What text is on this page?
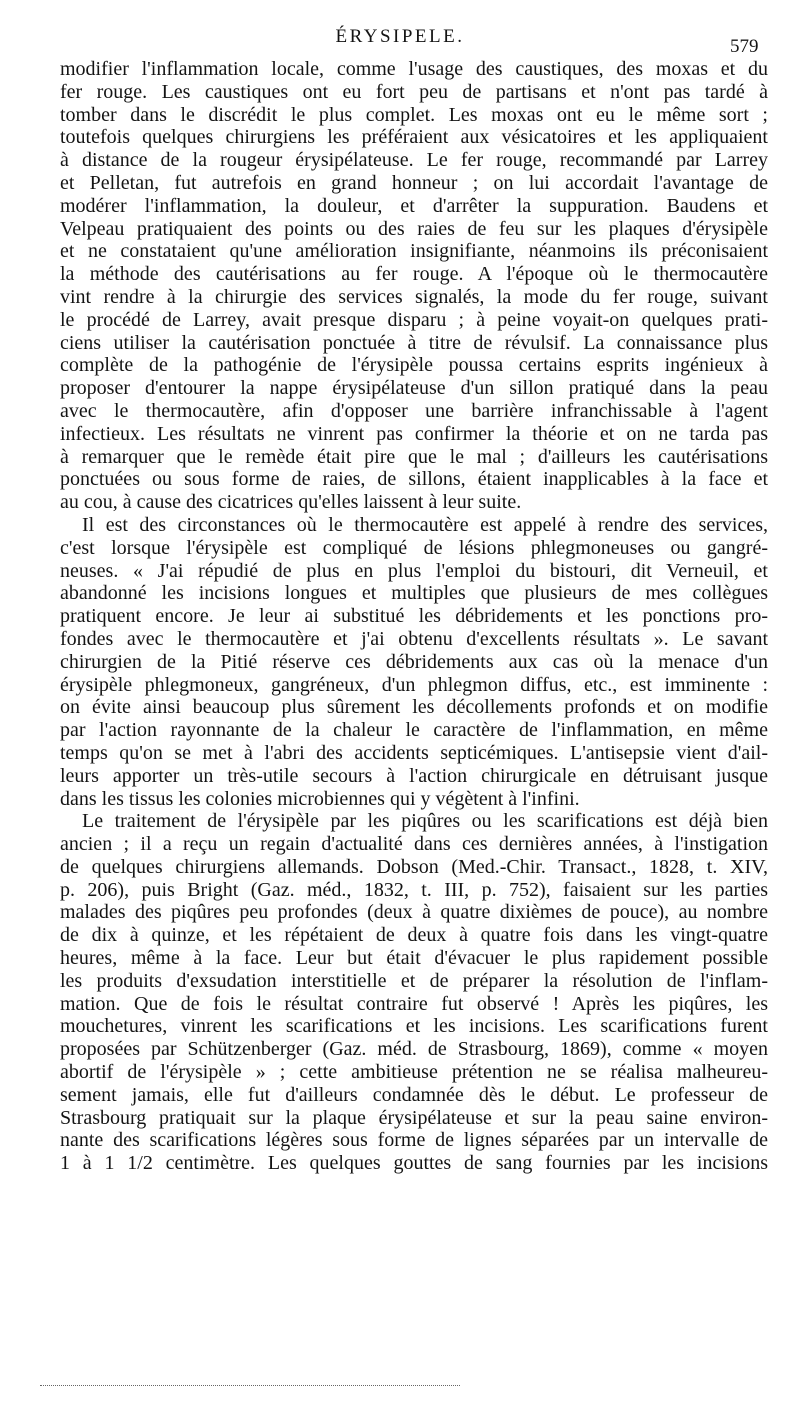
ÉRYSIPELE.	579
modifier l'inflammation locale, comme l'usage des caustiques, des moxas et du
fer rouge. Les caustiques ont eu fort peu de partisans et n'ont pas tardé à
tomber dans le discrédit le plus complet. Les moxas ont eu le même sort ;
toutefois quelques chirurgiens les préféraient aux vésicatoires et les appliquaient
à distance de la rougeur érysipélateuse. Le fer rouge, recommandé par Larrey
et Pelletan, fut autrefois en grand honneur ; on lui accordait l'avantage de
modérer l'inflammation, la douleur, et d'arrêter la suppuration. Baudens et
Velpeau pratiquaient des points ou des raies de feu sur les plaques d'érysipèle
et ne constataient qu'une amélioration insignifiante, néanmoins ils préconisaient
la méthode des cautérisations au fer rouge. A l'époque où le thermocautère
vint rendre à la chirurgie des services signalés, la mode du fer rouge, suivant
le procédé de Larrey, avait presque disparu ; à peine voyait-on quelques prati-
ciens utiliser la cautérisation ponctuée à titre de révulsif. La connaissance plus
complète de la pathogénie de l'érysipèle poussa certains esprits ingénieux à
proposer d'entourer la nappe érysipélateuse d'un sillon pratiqué dans la peau
avec le thermocautère, afin d'opposer une barrière infranchissable à l'agent
infectieux. Les résultats ne vinrent pas confirmer la théorie et on ne tarda pas
à remarquer que le remède était pire que le mal ; d'ailleurs les cautérisations
ponctuées ou sous forme de raies, de sillons, étaient inapplicables à la face et
au cou, à cause des cicatrices qu'elles laissent à leur suite.
Il est des circonstances où le thermocautère est appelé à rendre des services,
c'est lorsque l'érysipèle est compliqué de lésions phlegmoneuses ou gangré-
neuses. « J'ai répudié de plus en plus l'emploi du bistouri, dit Verneuil, et
abandonné les incisions longues et multiples que plusieurs de mes collègues
pratiquent encore. Je leur ai substitué les débridements et les ponctions pro-
fondes avec le thermocautère et j'ai obtenu d'excellents résultats ». Le savant
chirurgien de la Pitié réserve ces débridements aux cas où la menace d'un
érysipèle phlegmoneux, gangréneux, d'un phlegmon diffus, etc., est imminente :
on évite ainsi beaucoup plus sûrement les décollements profonds et on modifie
par l'action rayonnante de la chaleur le caractère de l'inflammation, en même
temps qu'on se met à l'abri des accidents septicémiques. L'antisepsie vient d'ail-
leurs apporter un très-utile secours à l'action chirurgicale en détruisant jusque
dans les tissus les colonies microbiennes qui y végètent à l'infini.
Le traitement de l'érysipèle par les piqûres ou les scarifications est déjà bien
ancien ; il a reçu un regain d'actualité dans ces dernières années, à l'instigation
de quelques chirurgiens allemands. Dobson (Med.-Chir. Transact., 1828, t. XIV,
p. 206), puis Bright (Gaz. méd., 1832, t. III, p. 752), faisaient sur les parties
malades des piqûres peu profondes (deux à quatre dixièmes de pouce), au nombre
de dix à quinze, et les répétaient de deux à quatre fois dans les vingt-quatre
heures, même à la face. Leur but était d'évacuer le plus rapidement possible
les produits d'exsudation interstitielle et de préparer la résolution de l'inflam-
mation. Que de fois le résultat contraire fut observé ! Après les piqûres, les
mouchetures, vinrent les scarifications et les incisions. Les scarifications furent
proposées par Schützenberger (Gaz. méd. de Strasbourg, 1869), comme « moyen
abortif de l'érysipèle » ; cette ambitieuse prétention ne se réalisa malheureu-
sement jamais, elle fut d'ailleurs condamnée dès le début. Le professeur de
Strasbourg pratiquait sur la plaque érysipélateuse et sur la peau saine environ-
nante des scarifications légères sous forme de lignes séparées par un intervalle de
1 à 1 1/2 centimètre. Les quelques gouttes de sang fournies par les incisions
